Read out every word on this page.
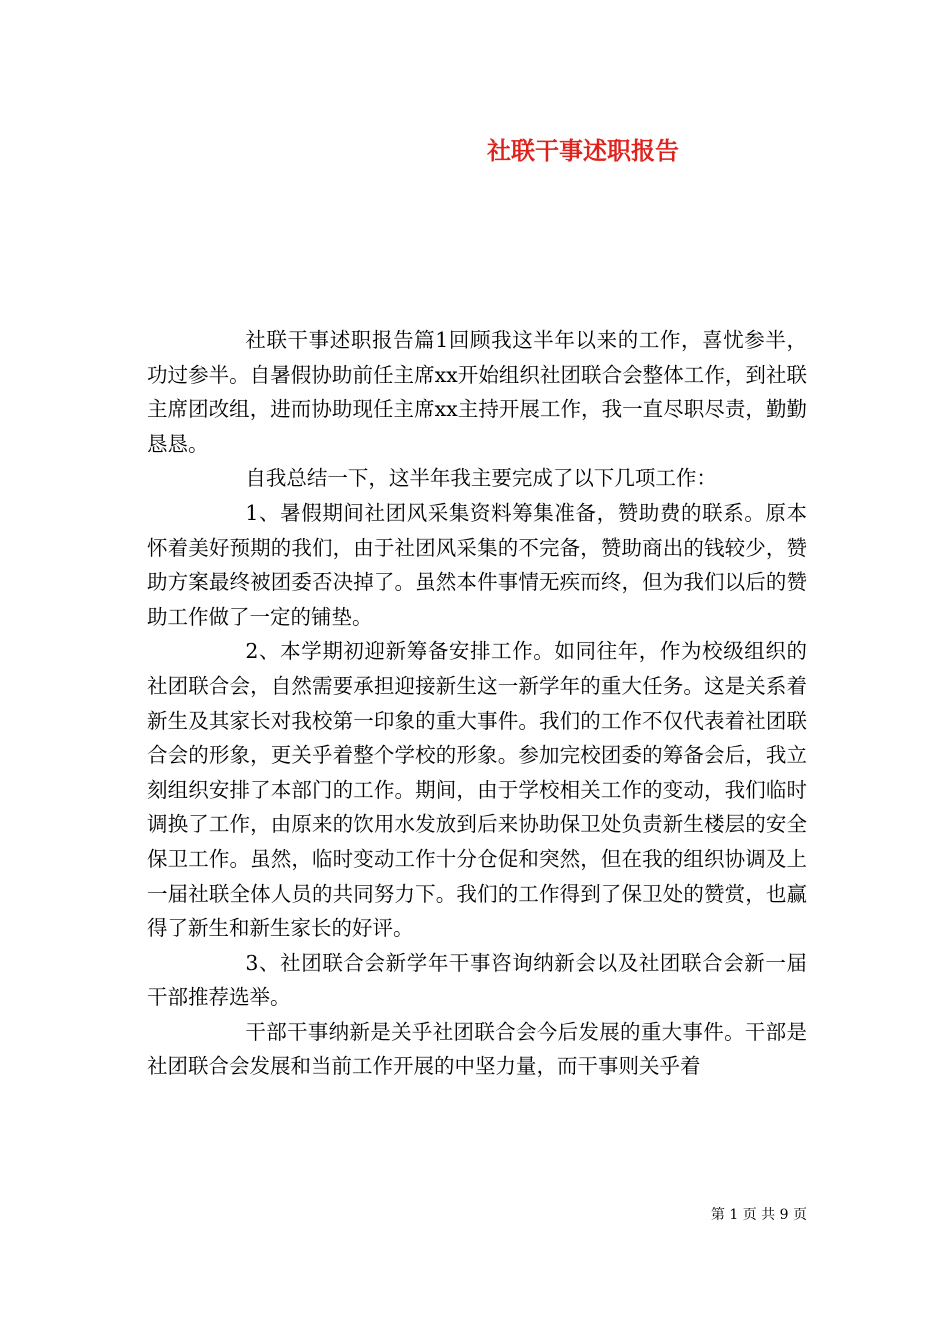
社联干事述职报告

社联干事述职报告篇1回顾我这半年以来的工作，喜忧参半，功过参半。自暑假协助前任主席xx开始组织社团联合会整体工作，到社联主席团改组，进而协助现任主席xx主持开展工作，我一直尽职尽责，勤勤恳恳。

自我总结一下，这半年我主要完成了以下几项工作：

1、暑假期间社团风采集资料筹集准备，赞助费的联系。原本怀着美好预期的我们，由于社团风采集的不完备，赞助商出的钱较少，赞助方案最终被团委否决掉了。虽然本件事情无疾而终，但为我们以后的赞助工作做了一定的铺垫。

2、本学期初迎新筹备安排工作。如同往年，作为校级组织的社团联合会，自然需要承担迎接新生这一新学年的重大任务。这是关系着新生及其家长对我校第一印象的重大事件。我们的工作不仅代表着社团联合会的形象，更关乎着整个学校的形象。参加完校团委的筹备会后，我立刻组织安排了本部门的工作。期间，由于学校相关工作的变动，我们临时调换了工作，由原来的饮用水发放到后来协助保卫处负责新生楼层的安全保卫工作。虽然，临时变动工作十分仓促和突然，但在我的组织协调及上一届社联全体人员的共同努力下。我们的工作得到了保卫处的赞赏，也赢得了新生和新生家长的好评。

3、社团联合会新学年干事咨询纳新会以及社团联合会新一届干部推荐选举。

干部干事纳新是关乎社团联合会今后发展的重大事件。干部是社团联合会发展和当前工作开展的中坚力量，而干事则关乎着

第 1 页 共 9 页
